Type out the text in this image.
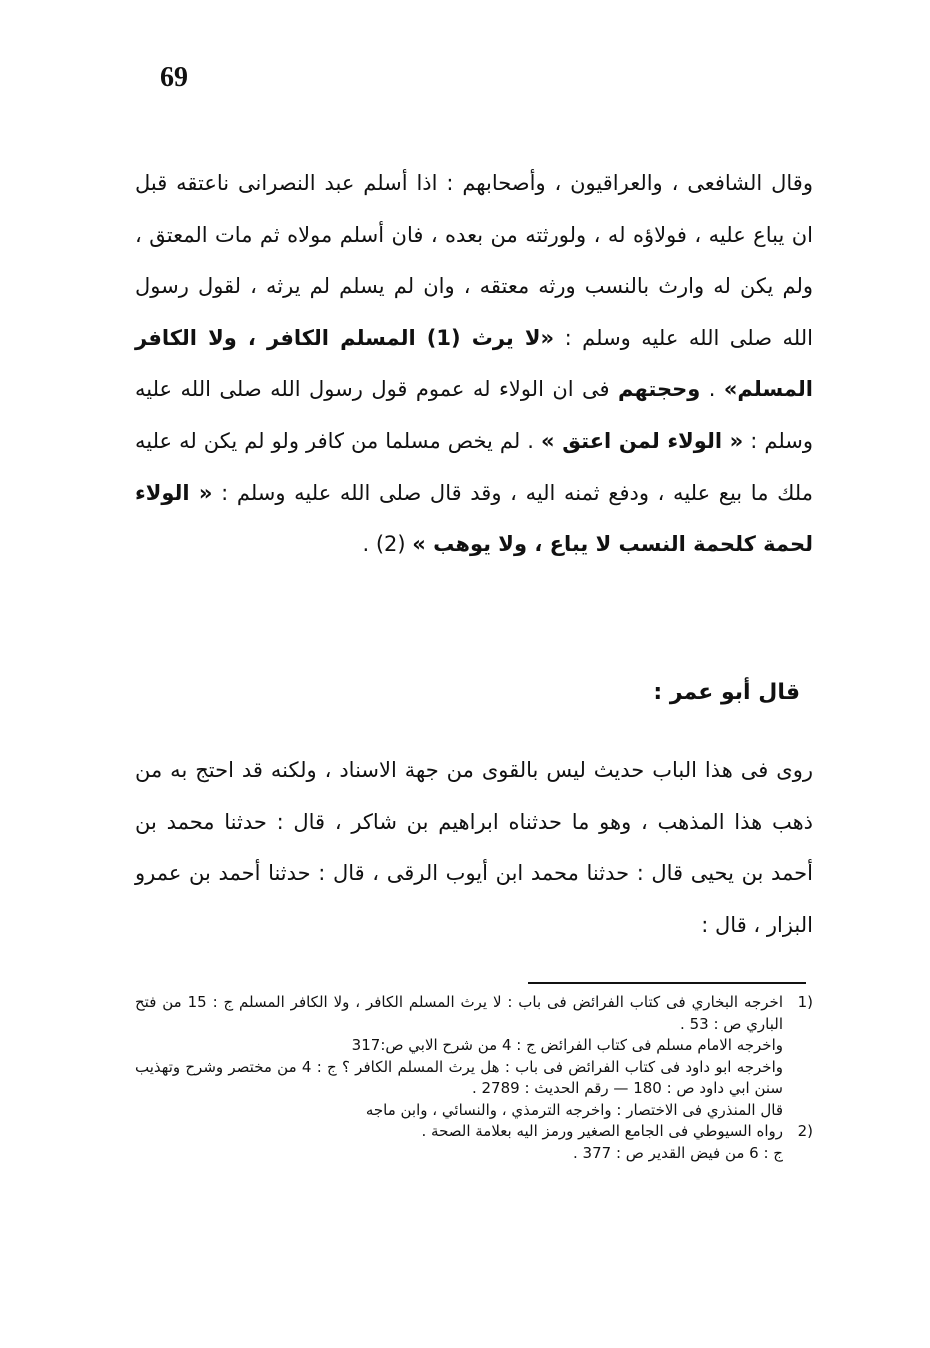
69

وقال الشافعى ، والعراقيون ، وأصحابهم : اذا أسلم عبد النصرانى ناعتقه قبل ان يباع عليه ، فولاؤه له ، ولورثته من بعده ، فان أسلم مولاه ثم مات المعتق ، ولم يكن له وارث بالنسب ورثه معتقه ، وان لم يسلم لم يرثه ، لقول رسول الله صلى الله عليه وسلم : «لا يرث (1) المسلم الكافر ، ولا الكافر المسلم» . وحجتهم فى ان الولاء له عموم قول رسول الله صلى الله عليه وسلم : « الولاء لمن اعتق » . لم يخص مسلما من كافر ولو لم يكن له عليه ملك ما بيع عليه ، ودفع ثمنه اليه ، وقد قال صلى الله عليه وسلم : « الولاء لحمة كلحمة النسب لا يباع ، ولا يوهب » (2) .

قال أبو عمر :

روى فى هذا الباب حديث ليس بالقوى من جهة الاسناد ، ولكنه قد احتج به من ذهب هذا المذهب ، وهو ما حدثناه ابراهيم بن شاكر ، قال : حدثنا محمد بن أحمد بن يحيى قال : حدثنا محمد ابن أيوب الرقى ، قال : حدثنا أحمد بن عمرو البزار ، قال :

1)
اخرجه البخاري فى كتاب الفرائض فى باب : لا يرث المسلم الكافر ، ولا الكافر المسلم ج : 15 من فتح الباري ص : 53 .
واخرجه الامام مسلم فى كتاب الفرائض ج : 4 من شرح الابي ص:317
واخرجه ابو داود فى كتاب الفرائض فى باب : هل يرث المسلم الكافر ؟ ج : 4 من مختصر وشرح وتهذيب سنن ابي داود ص : 180 — رقم الحديث : 2789 .
قال المنذري فى الاختصار : واخرجه الترمذي ، والنسائي ، وابن ماجه
2)
رواه السيوطي فى الجامع الصغير ورمز اليه بعلامة الصحة .
ج : 6 من فيض القدير ص : 377 .
